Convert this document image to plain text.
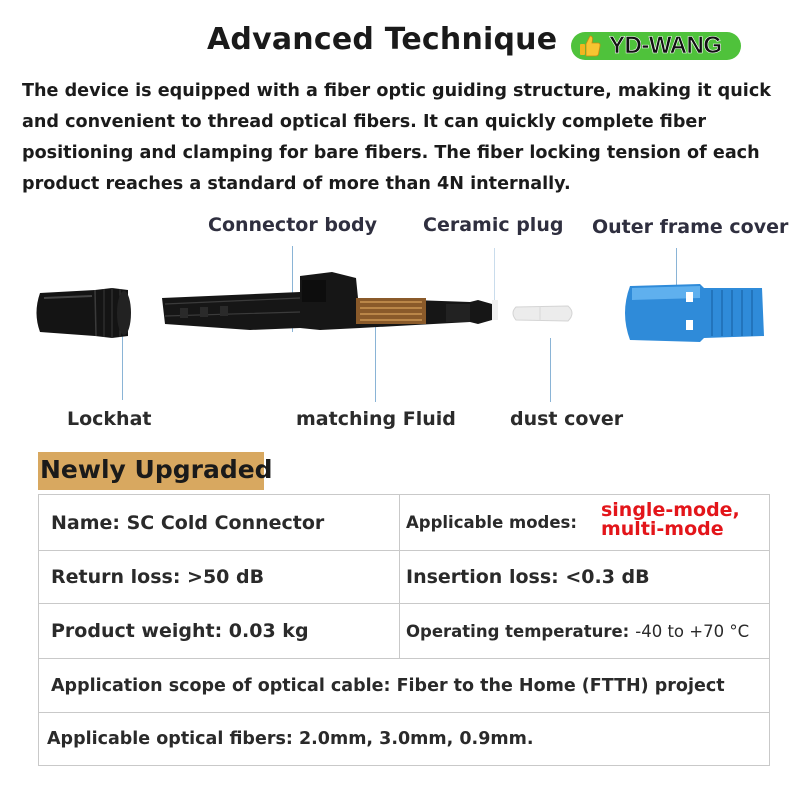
Advanced Technique YD-WANG
The device is equipped with a fiber optic guiding structure, making it quick and convenient to thread optical fibers. It can quickly complete fiber positioning and clamping for bare fibers. The fiber locking tension of each product reaches a standard of more than 4N internally.
Connector body Ceramic plug Outer frame cover
Lockhat	matching Fluid	dust cover
Newly Upgraded
Name: SC Cold Connector	Applicable modes:
single-mode,
multi-mode
Return loss: >50 dB	Insertion loss: <0.3 dB
Product weight: 0.03 kg	Operating temperature: -40 to +70 °C
Application scope of optical cable: Fiber to the Home (FTTH) project
Applicable optical fibers: 2.0mm, 3.0mm, 0.9mm.
